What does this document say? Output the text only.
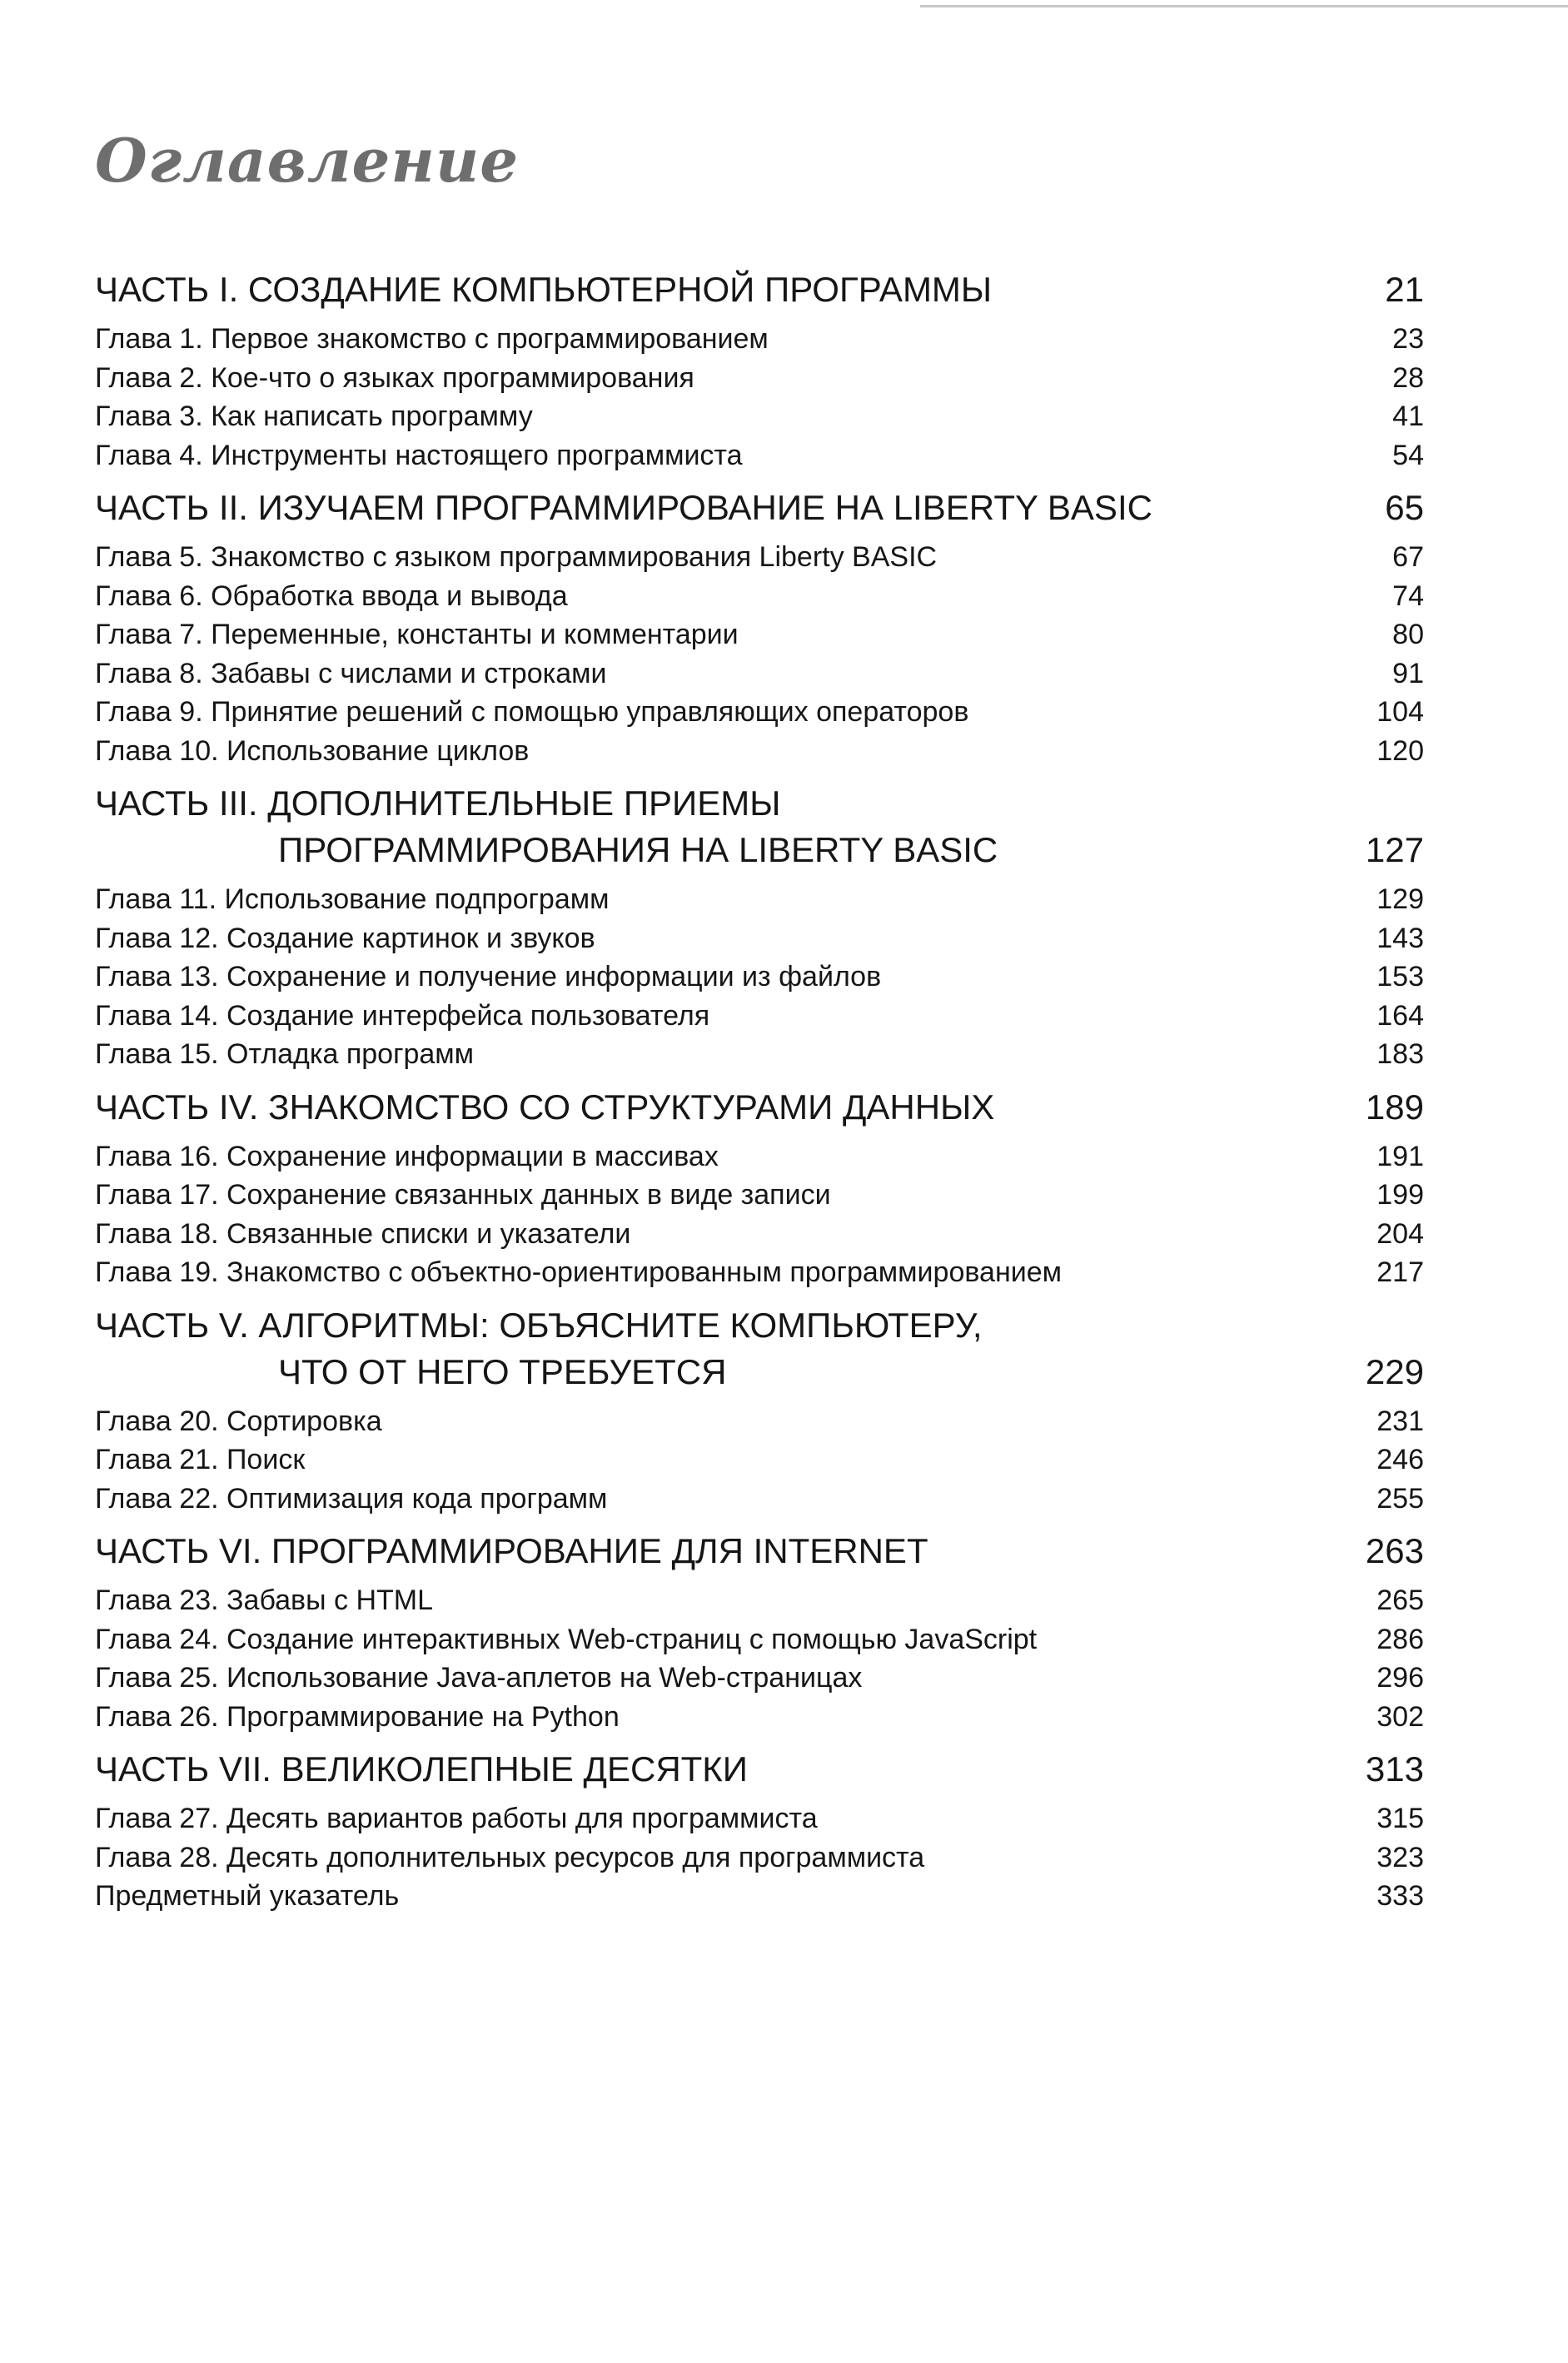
Оглавление
ЧАСТЬ I. СОЗДАНИЕ КОМПЬЮТЕРНОЙ ПРОГРАММЫ	21
Глава 1. Первое знакомство с программированием	23
Глава 2. Кое-что о языках программирования	28
Глава 3. Как написать программу	41
Глава 4. Инструменты настоящего программиста	54
ЧАСТЬ II. ИЗУЧАЕМ ПРОГРАММИРОВАНИЕ НА LIBERTY BASIC	65
Глава 5. Знакомство с языком программирования Liberty BASIC	67
Глава 6. Обработка ввода и вывода	74
Глава 7. Переменные, константы и комментарии	80
Глава 8. Забавы с числами и строками	91
Глава 9. Принятие решений с помощью управляющих операторов	104
Глава 10. Использование циклов	120
ЧАСТЬ III. ДОПОЛНИТЕЛЬНЫЕ ПРИЕМЫ
ПРОГРАММИРОВАНИЯ НА LIBERTY BASIC	127
Глава 11. Использование подпрограмм	129
Глава 12. Создание картинок и звуков	143
Глава 13. Сохранение и получение информации из файлов	153
Глава 14. Создание интерфейса пользователя	164
Глава 15. Отладка программ	183
ЧАСТЬ IV. ЗНАКОМСТВО СО СТРУКТУРАМИ ДАННЫХ	189
Глава 16. Сохранение информации в массивах	191
Глава 17. Сохранение связанных данных в виде записи	199
Глава 18. Связанные списки и указатели	204
Глава 19. Знакомство с объектно-ориентированным программированием	217
ЧАСТЬ V. АЛГОРИТМЫ: ОБЪЯСНИТЕ КОМПЬЮТЕРУ,
ЧТО ОТ НЕГО ТРЕБУЕТСЯ	229
Глава 20. Сортировка	231
Глава 21. Поиск	246
Глава 22. Оптимизация кода программ	255
ЧАСТЬ VI. ПРОГРАММИРОВАНИЕ ДЛЯ INTERNET	263
Глава 23. Забавы с HTML	265
Глава 24. Создание интерактивных Web-страниц с помощью JavaScript	286
Глава 25. Использование Java-аплетов на Web-страницах	296
Глава 26. Программирование на Python	302
ЧАСТЬ VII. ВЕЛИКОЛЕПНЫЕ ДЕСЯТКИ	313
Глава 27. Десять вариантов работы для программиста	315
Глава 28. Десять дополнительных ресурсов для программиста	323
Предметный указатель	333
